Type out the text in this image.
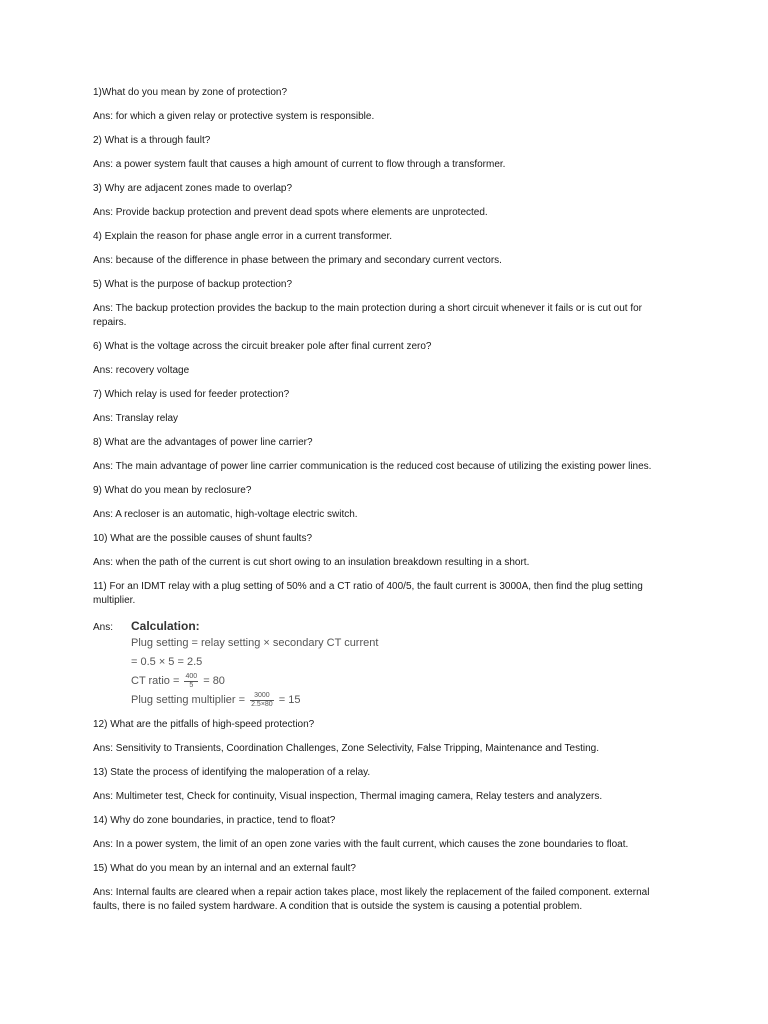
1)What do you mean by zone of protection?

Ans: for which a given relay or protective system is responsible.

2) What is a through fault?

Ans: a power system fault that causes a high amount of current to flow through a transformer.

3) Why are adjacent zones made to overlap?

Ans: Provide backup protection and prevent dead spots where elements are unprotected.

4) Explain the reason for phase angle error in a current transformer.

Ans: because of the difference in phase between the primary and secondary current vectors.

5) What is the purpose of backup protection?

Ans: The backup protection provides the backup to the main protection during a short circuit whenever it fails or is cut out for repairs.

6) What is the voltage across the circuit breaker pole after final current zero?

Ans: recovery voltage

7) Which relay is used for feeder protection?

Ans: Translay relay

8) What are the advantages of power line carrier?

Ans: The main advantage of power line carrier communication is the reduced cost because of utilizing the existing power lines.

9) What do you mean by reclosure?

Ans: A recloser is an automatic, high-voltage electric switch.

10) What are the possible causes of shunt faults?

Ans: when the path of the current is cut short owing to an insulation breakdown resulting in a short.

11) For an IDMT relay with a plug setting of 50% and a CT ratio of 400/5, the fault current is 3000A, then find the plug setting multiplier.

Ans:	Calculation:
Plug setting = relay setting × secondary CT current
= 0.5 × 5 = 2.5
CT ratio = $\frac{400}{5} = 80$
Plug setting multiplier = $\frac{3000}{2.5\times 80} = 15$

12) What are the pitfalls of high-speed protection?

Ans: Sensitivity to Transients, Coordination Challenges, Zone Selectivity, False Tripping, Maintenance and Testing.

13) State the process of identifying the maloperation of a relay.

Ans: Multimeter test, Check for continuity, Visual inspection, Thermal imaging camera, Relay testers and analyzers.

14) Why do zone boundaries, in practice, tend to float?

Ans: In a power system, the limit of an open zone varies with the fault current, which causes the zone boundaries to float.

15) What do you mean by an internal and an external fault?

Ans: Internal faults are cleared when a repair action takes place, most likely the replacement of the failed component. external faults, there is no failed system hardware. A condition that is outside the system is causing a potential problem.
